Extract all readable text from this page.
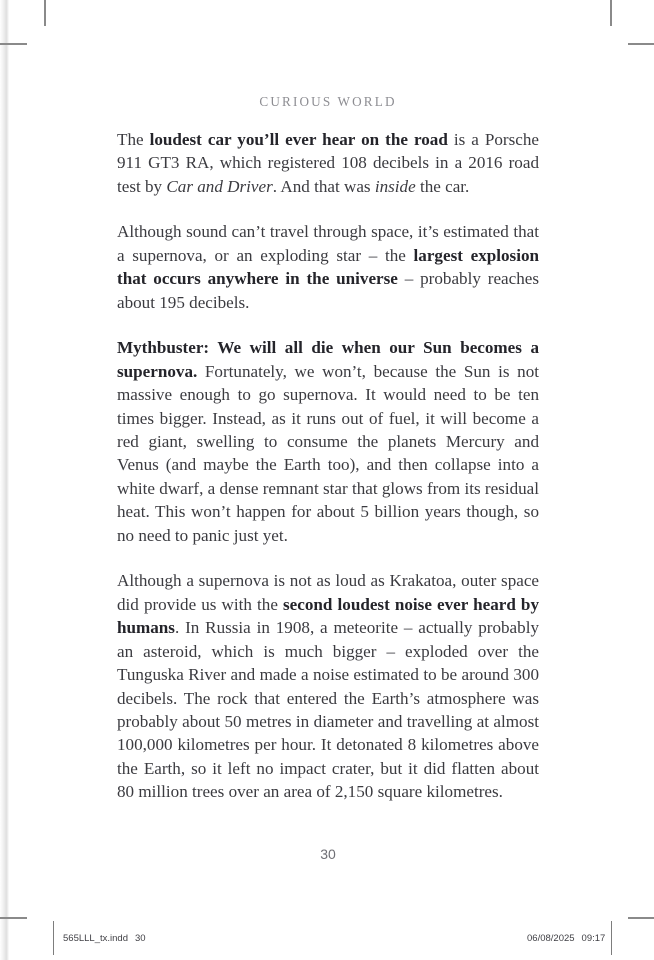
CURIOUS WORLD

The loudest car you’ll ever hear on the road is a Porsche 911 GT3 RA, which registered 108 decibels in a 2016 road test by Car and Driver. And that was inside the car.

Although sound can’t travel through space, it’s estimated that a supernova, or an exploding star – the largest explosion that occurs anywhere in the universe – probably reaches about 195 decibels.

Mythbuster: We will all die when our Sun becomes a supernova. Fortunately, we won’t, because the Sun is not massive enough to go supernova. It would need to be ten times bigger. Instead, as it runs out of fuel, it will become a red giant, swelling to consume the planets Mercury and Venus (and maybe the Earth too), and then collapse into a white dwarf, a dense remnant star that glows from its residual heat. This won’t happen for about 5 billion years though, so no need to panic just yet.

Although a supernova is not as loud as Krakatoa, outer space did provide us with the second loudest noise ever heard by humans. In Russia in 1908, a meteorite – actually probably an asteroid, which is much bigger – exploded over the Tunguska River and made a noise estimated to be around 300 decibels. The rock that entered the Earth’s atmosphere was probably about 50 metres in diameter and travelling at almost 100,000 kilometres per hour. It detonated 8 kilometres above the Earth, so it left no impact crater, but it did flatten about 80 million trees over an area of 2,150 square kilometres.

30
565LLL_tx.indd 30	06/08/2025 09:17
